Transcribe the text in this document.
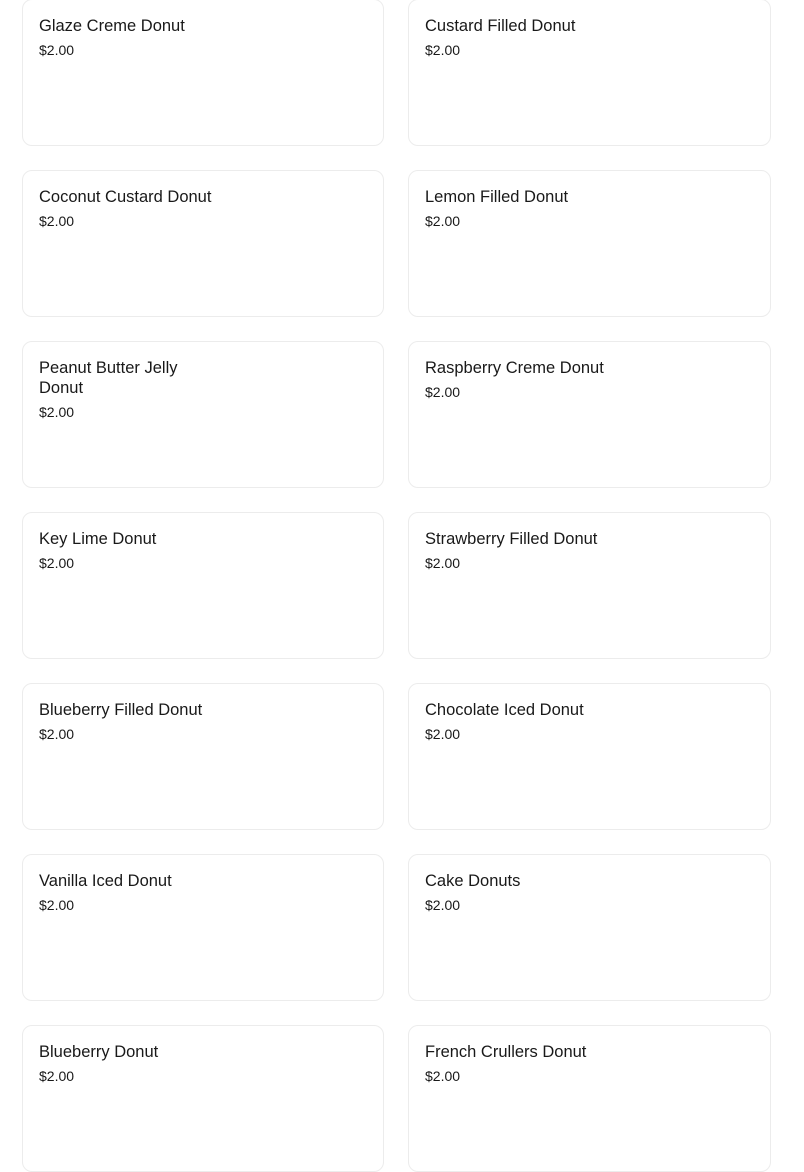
Glaze Creme Donut
$2.00
Custard Filled Donut
$2.00
Coconut Custard Donut
$2.00
Lemon Filled Donut
$2.00
Peanut Butter Jelly Donut
$2.00
Raspberry Creme Donut
$2.00
Key Lime Donut
$2.00
Strawberry Filled Donut
$2.00
Blueberry Filled Donut
$2.00
Chocolate Iced Donut
$2.00
Vanilla Iced Donut
$2.00
Cake Donuts
$2.00
Blueberry Donut
$2.00
French Crullers Donut
$2.00
